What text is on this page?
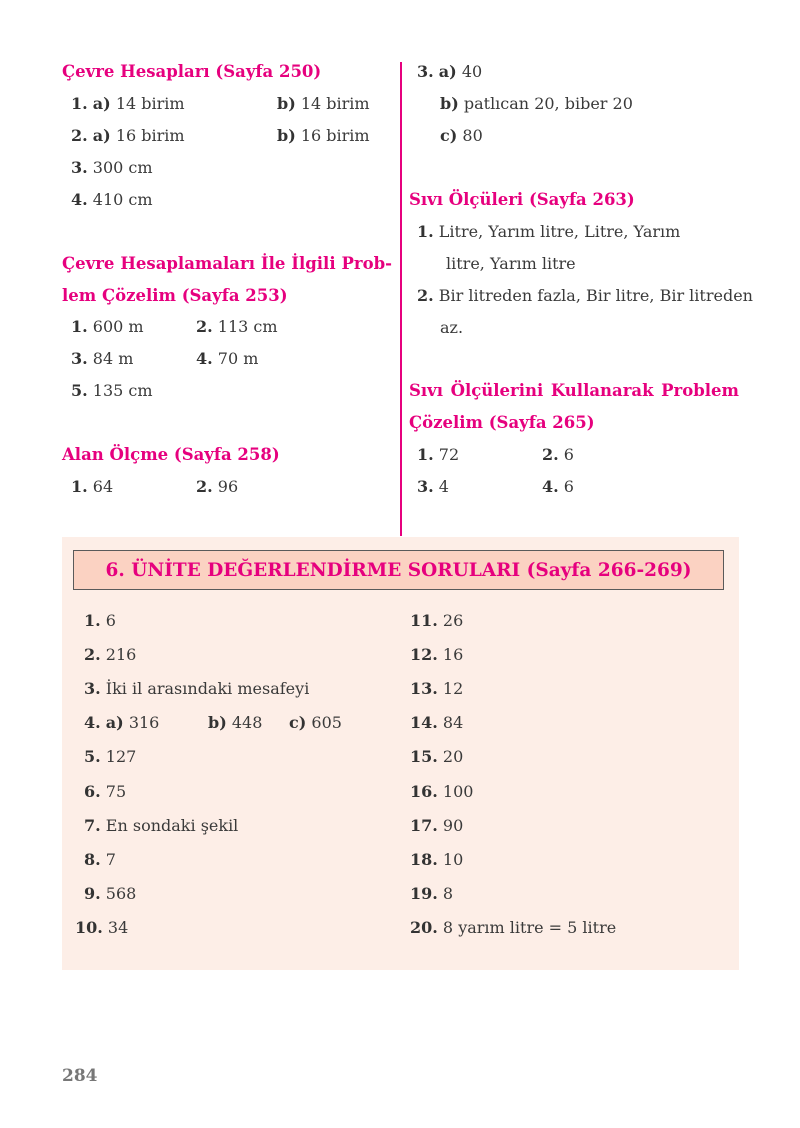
Çevre Hesapları (Sayfa 250)
1. a) 14 birim	b) 14 birim
2. a) 16 birim	b) 16 birim
3. 300 cm
4. 410 cm
Çevre Hesaplamaları İle İlgili Prob-
lem Çözelim (Sayfa 253)
1. 600 m	2. 113 cm
3. 84 m	4. 70 m
5. 135 cm
Alan Ölçme (Sayfa 258)
1. 64	2. 96
3. a) 40
b) patlıcan 20, biber 20
c) 80
Sıvı Ölçüleri (Sayfa 263)
1. Litre, Yarım litre, Litre, Yarım
litre, Yarım litre
2. Bir litreden fazla, Bir litre, Bir litreden
az.
Sıvı Ölçülerini Kullanarak Problem
Çözelim (Sayfa 265)
1. 72	2. 6
3. 4	4. 6
6. ÜNİTE DEĞERLENDİRME SORULARI (Sayfa 266-269)
1. 6
2. 216
3. İki il arasındaki mesafeyi
4. a) 316	b) 448 c) 605
5. 127
6. 75
7. En sondaki şekil
8. 7
9. 568
10. 34
11. 26
12. 16
13. 12
14. 84
15. 20
16. 100
17. 90
18. 10
19. 8
20. 8 yarım litre = 5 litre
284
